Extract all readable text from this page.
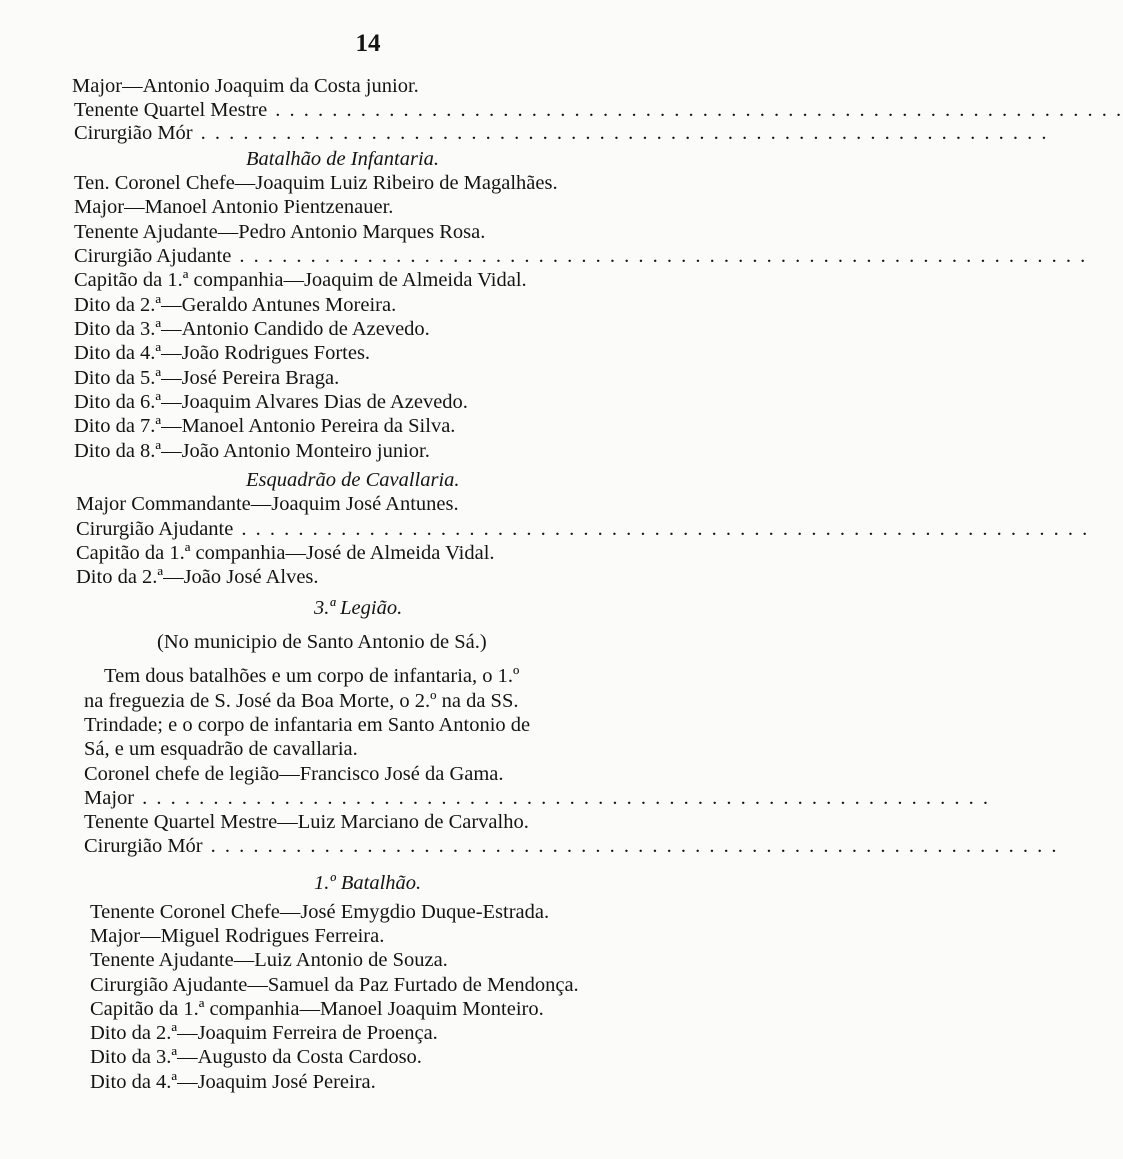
14
Major—Antonio Joaquim da Costa junior.
Tenente Quartel Mestre . . . . . . . . . . . . . . . . . . . . . . . . . . . . . . . . . . . . . . . . . . . . . . . . . . . . . . . . . . . .
Cirurgião Mór . . . . . . . . . . . . . . . . . . . . . . . . . . . . . . . . . . . . . . . . . . . . . . . . . . . . . . . . . . . .
Batalhão de Infantaria.
Ten. Coronel Chefe—Joaquim Luiz Ribeiro de Magalhães.
Major—Manoel Antonio Pientzenauer.
Tenente Ajudante—Pedro Antonio Marques Rosa.
Cirurgião Ajudante . . . . . . . . . . . . . . . . . . . . . . . . . . . . . . . . . . . . . . . . . . . . . . . . . . . . . . . . . . . .
Capitão da 1.ª companhia—Joaquim de Almeida Vidal.
Dito da 2.ª—Geraldo Antunes Moreira.
Dito da 3.ª—Antonio Candido de Azevedo.
Dito da 4.ª—João Rodrigues Fortes.
Dito da 5.ª—José Pereira Braga.
Dito da 6.ª—Joaquim Alvares Dias de Azevedo.
Dito da 7.ª—Manoel Antonio Pereira da Silva.
Dito da 8.ª—João Antonio Monteiro junior.
Esquadrão de Cavallaria.
Major Commandante—Joaquim José Antunes.
Cirurgião Ajudante . . . . . . . . . . . . . . . . . . . . . . . . . . . . . . . . . . . . . . . . . . . . . . . . . . . . . . . . . . . .
Capitão da 1.ª companhia—José de Almeida Vidal.
Dito da 2.ª—João José Alves.
3.ª Legião.
(No municipio de Santo Antonio de Sá.)
Tem dous batalhões e um corpo de infantaria, o 1.º
na freguezia de S. José da Boa Morte, o 2.º na da SS.
Trindade; e o corpo de infantaria em Santo Antonio de
Sá, e um esquadrão de cavallaria.
Coronel chefe de legião—Francisco José da Gama.
Major . . . . . . . . . . . . . . . . . . . . . . . . . . . . . . . . . . . . . . . . . . . . . . . . . . . . . . . . . . . .
Tenente Quartel Mestre—Luiz Marciano de Carvalho.
Cirurgião Mór . . . . . . . . . . . . . . . . . . . . . . . . . . . . . . . . . . . . . . . . . . . . . . . . . . . . . . . . . . . .
1.º Batalhão.
Tenente Coronel Chefe—José Emygdio Duque-Estrada.
Major—Miguel Rodrigues Ferreira.
Tenente Ajudante—Luiz Antonio de Souza.
Cirurgião Ajudante—Samuel da Paz Furtado de Mendonça.
Capitão da 1.ª companhia—Manoel Joaquim Monteiro.
Dito da 2.ª—Joaquim Ferreira de Proença.
Dito da 3.ª—Augusto da Costa Cardoso.
Dito da 4.ª—Joaquim José Pereira.
